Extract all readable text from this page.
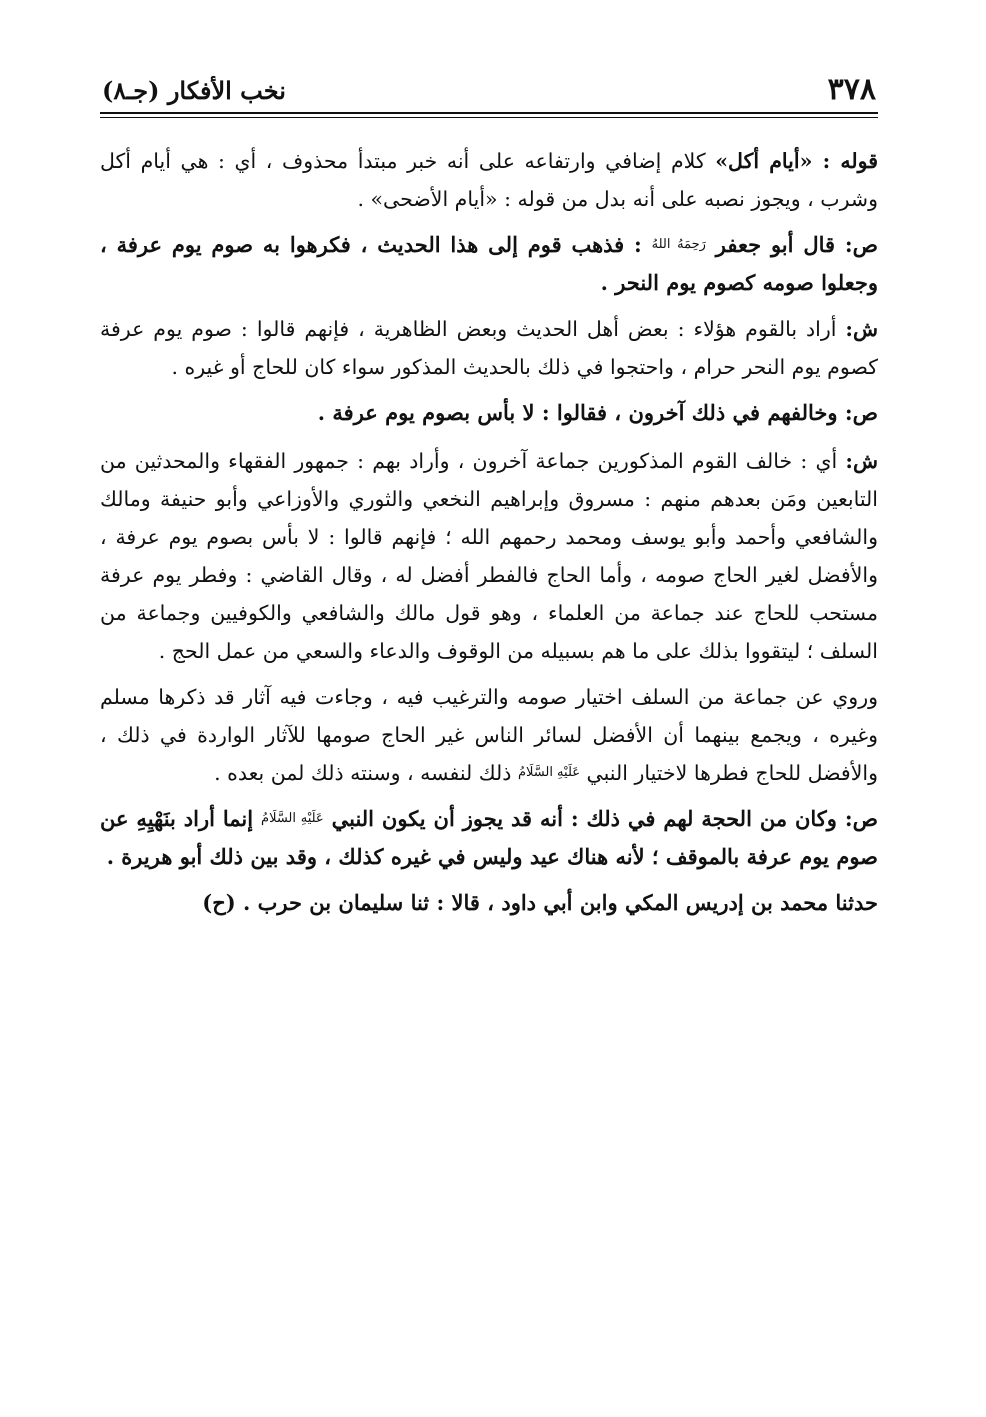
٣٧٨
نخب الأفكار (جـ٨)

قوله : «أيام أكل» كلام إضافي وارتفاعه على أنه خبر مبتدأ محذوف ، أي : هي أيام أكل وشرب ، ويجوز نصبه على أنه بدل من قوله : «أيام الأضحى» .

ص: قال أبو جعفر رَحِمَهُ اللهُ : فذهب قوم إلى هذا الحديث ، فكرهوا به صوم يوم عرفة ، وجعلوا صومه كصوم يوم النحر .

ش: أراد بالقوم هؤلاء : بعض أهل الحديث وبعض الظاهرية ، فإنهم قالوا : صوم يوم عرفة كصوم يوم النحر حرام ، واحتجوا في ذلك بالحديث المذكور سواء كان للحاج أو غيره .

ص: وخالفهم في ذلك آخرون ، فقالوا : لا بأس بصوم يوم عرفة .

ش: أي : خالف القوم المذكورين جماعة آخرون ، وأراد بهم : جمهور الفقهاء والمحدثين من التابعين ومَن بعدهم منهم : مسروق وإبراهيم النخعي والثوري والأوزاعي وأبو حنيفة ومالك والشافعي وأحمد وأبو يوسف ومحمد رحمهم الله ؛ فإنهم قالوا : لا بأس بصوم يوم عرفة ، والأفضل لغير الحاج صومه ، وأما الحاج فالفطر أفضل له ، وقال القاضي : وفطر يوم عرفة مستحب للحاج عند جماعة من العلماء ، وهو قول مالك والشافعي والكوفيين وجماعة من السلف ؛ ليتقووا بذلك على ما هم بسبيله من الوقوف والدعاء والسعي من عمل الحج .

وروي عن جماعة من السلف اختيار صومه والترغيب فيه ، وجاءت فيه آثار قد ذكرها مسلم وغيره ، ويجمع بينهما أن الأفضل لسائر الناس غير الحاج صومها للآثار الواردة في ذلك ، والأفضل للحاج فطرها لاختيار النبي عَلَيْهِ السَّلَامُ ذلك لنفسه ، وسنته ذلك لمن بعده .

ص: وكان من الحجة لهم في ذلك : أنه قد يجوز أن يكون النبي عَلَيْهِ السَّلَامُ إنما أراد بنَهْيِهِ عن صوم يوم عرفة بالموقف ؛ لأنه هناك عيد وليس في غيره كذلك ، وقد بين ذلك أبو هريرة .

حدثنا محمد بن إدريس المكي وابن أبي داود ، قالا : ثنا سليمان بن حرب . (ح)
